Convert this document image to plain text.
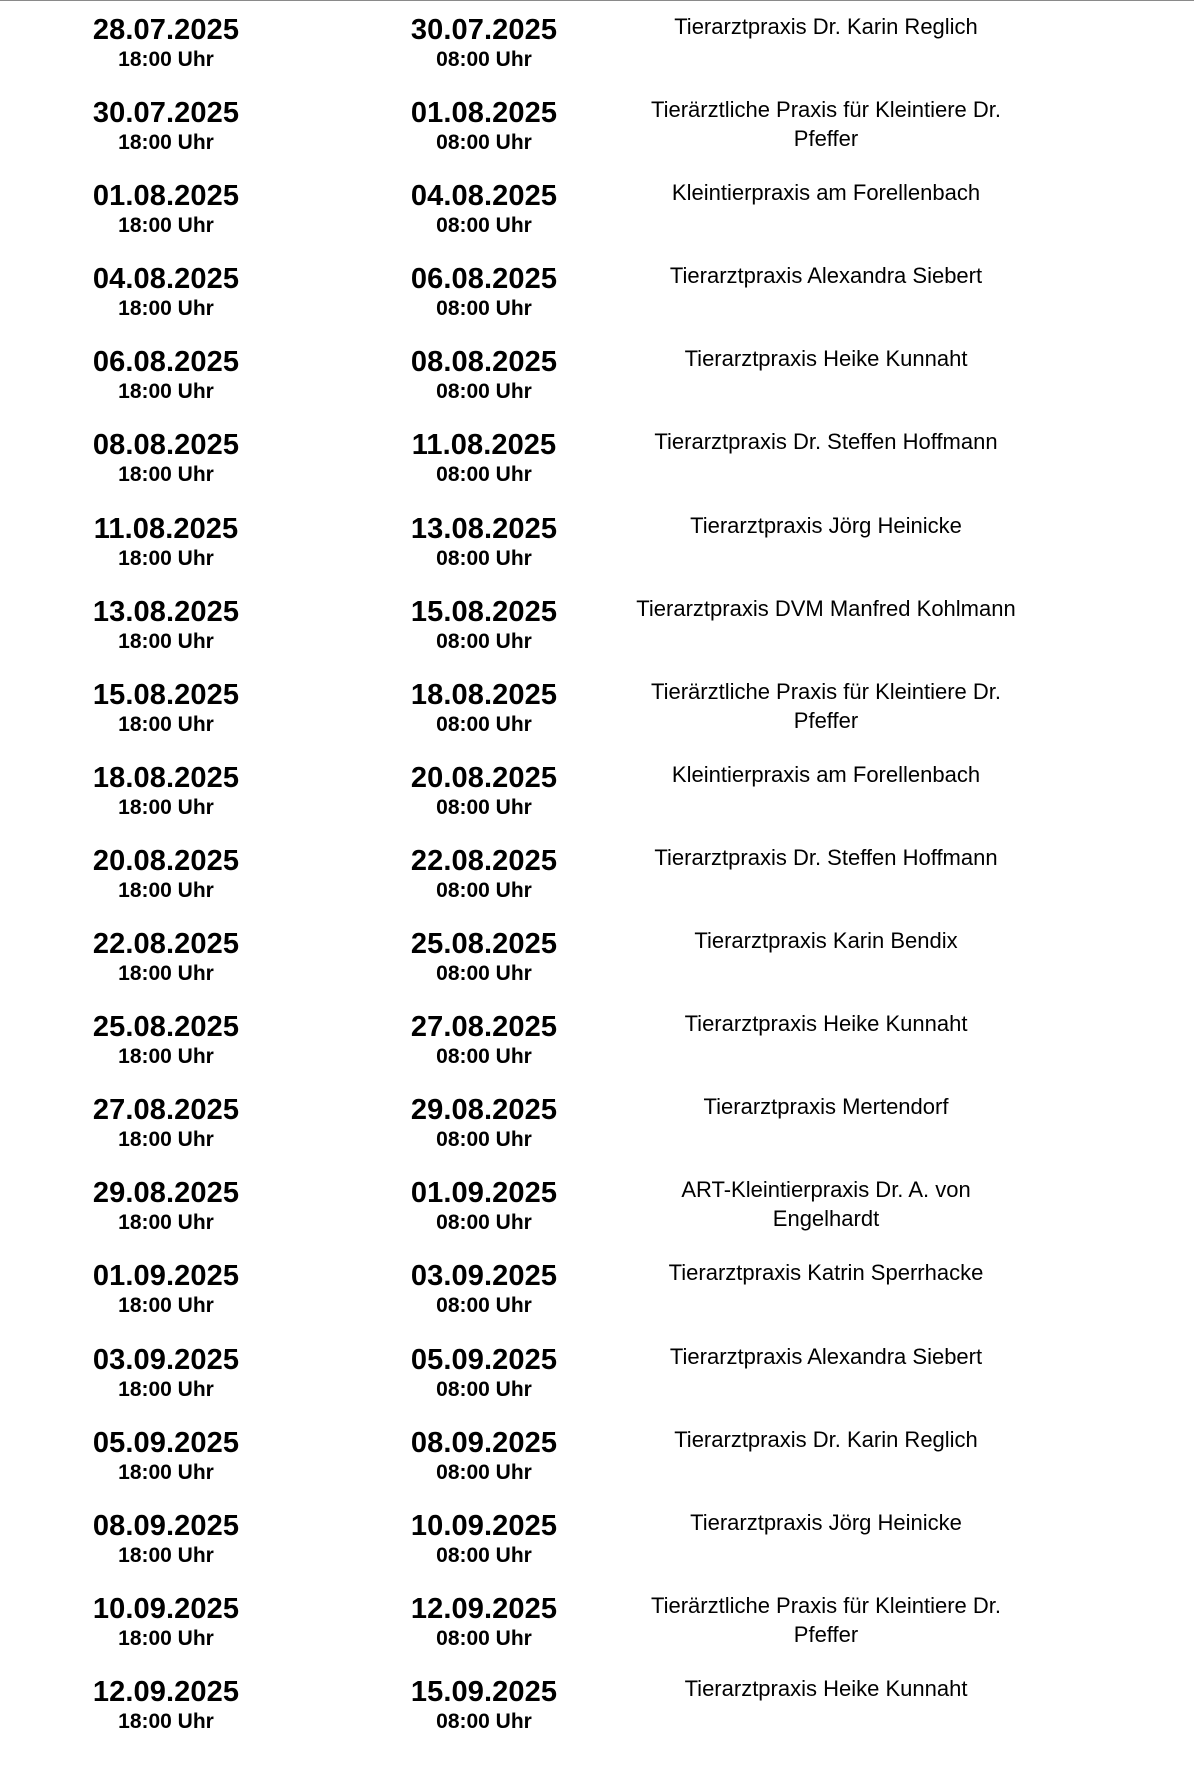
28.07.2025
18:00 Uhr
30.07.2025
08:00 Uhr
Tierarztpraxis Dr. Karin Reglich
30.07.2025
18:00 Uhr
01.08.2025
08:00 Uhr
Tierärztliche Praxis für Kleintiere Dr. Pfeffer
01.08.2025
18:00 Uhr
04.08.2025
08:00 Uhr
Kleintierpraxis am Forellenbach
04.08.2025
18:00 Uhr
06.08.2025
08:00 Uhr
Tierarztpraxis Alexandra Siebert
06.08.2025
18:00 Uhr
08.08.2025
08:00 Uhr
Tierarztpraxis Heike Kunnaht
08.08.2025
18:00 Uhr
11.08.2025
08:00 Uhr
Tierarztpraxis Dr. Steffen Hoffmann
11.08.2025
18:00 Uhr
13.08.2025
08:00 Uhr
Tierarztpraxis Jörg Heinicke
13.08.2025
18:00 Uhr
15.08.2025
08:00 Uhr
Tierarztpraxis DVM Manfred Kohlmann
15.08.2025
18:00 Uhr
18.08.2025
08:00 Uhr
Tierärztliche Praxis für Kleintiere Dr. Pfeffer
18.08.2025
18:00 Uhr
20.08.2025
08:00 Uhr
Kleintierpraxis am Forellenbach
20.08.2025
18:00 Uhr
22.08.2025
08:00 Uhr
Tierarztpraxis Dr. Steffen Hoffmann
22.08.2025
18:00 Uhr
25.08.2025
08:00 Uhr
Tierarztpraxis Karin Bendix
25.08.2025
18:00 Uhr
27.08.2025
08:00 Uhr
Tierarztpraxis Heike Kunnaht
27.08.2025
18:00 Uhr
29.08.2025
08:00 Uhr
Tierarztpraxis Mertendorf
29.08.2025
18:00 Uhr
01.09.2025
08:00 Uhr
ART-Kleintierpraxis Dr. A. von Engelhardt
01.09.2025
18:00 Uhr
03.09.2025
08:00 Uhr
Tierarztpraxis Katrin Sperrhacke
03.09.2025
18:00 Uhr
05.09.2025
08:00 Uhr
Tierarztpraxis Alexandra Siebert
05.09.2025
18:00 Uhr
08.09.2025
08:00 Uhr
Tierarztpraxis Dr. Karin Reglich
08.09.2025
18:00 Uhr
10.09.2025
08:00 Uhr
Tierarztpraxis Jörg Heinicke
10.09.2025
18:00 Uhr
12.09.2025
08:00 Uhr
Tierärztliche Praxis für Kleintiere Dr. Pfeffer
12.09.2025
18:00 Uhr
15.09.2025
08:00 Uhr
Tierarztpraxis Heike Kunnaht
